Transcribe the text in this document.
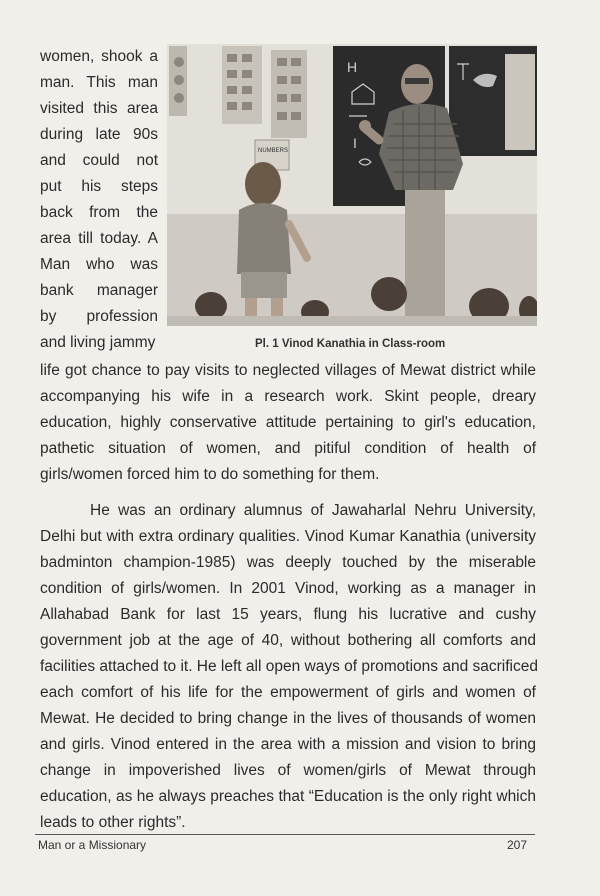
women, shook a
man. This man
visited this area
during late 90s
and could not
put his steps
back from the
area till today. A
Man who was
bank manager
by profession
and living jammy
NUMBERS
H
I
Pl. 1 Vinod Kanathia in Class-room

life got chance to pay visits to neglected villages of Mewat district while
accompanying his wife in a research work. Skint people, dreary
education, highly conservative attitude pertaining to girl's education,
pathetic situation of women, and pitiful condition of health of
girls/women forced him to do something for them.

He was an ordinary alumnus of Jawaharlal Nehru University,
Delhi but with extra ordinary qualities. Vinod Kumar Kanathia (university
badminton champion-1985) was deeply touched by the miserable
condition of girls/women. In 2001 Vinod, working as a manager in
Allahabad Bank for last 15 years, flung his lucrative and cushy
government job at the age of 40, without bothering all comforts and
facilities attached to it. He left all open ways of promotions and sacrificed
each comfort of his life for the empowerment of girls and women of
Mewat. He decided to bring change in the lives of thousands of women
and girls. Vinod entered in the area with a mission and vision to bring
change in impoverished lives of women/girls of Mewat through
education, as he always preaches that “Education is the only right which
leads to other rights”.

Man or a Missionary	207
